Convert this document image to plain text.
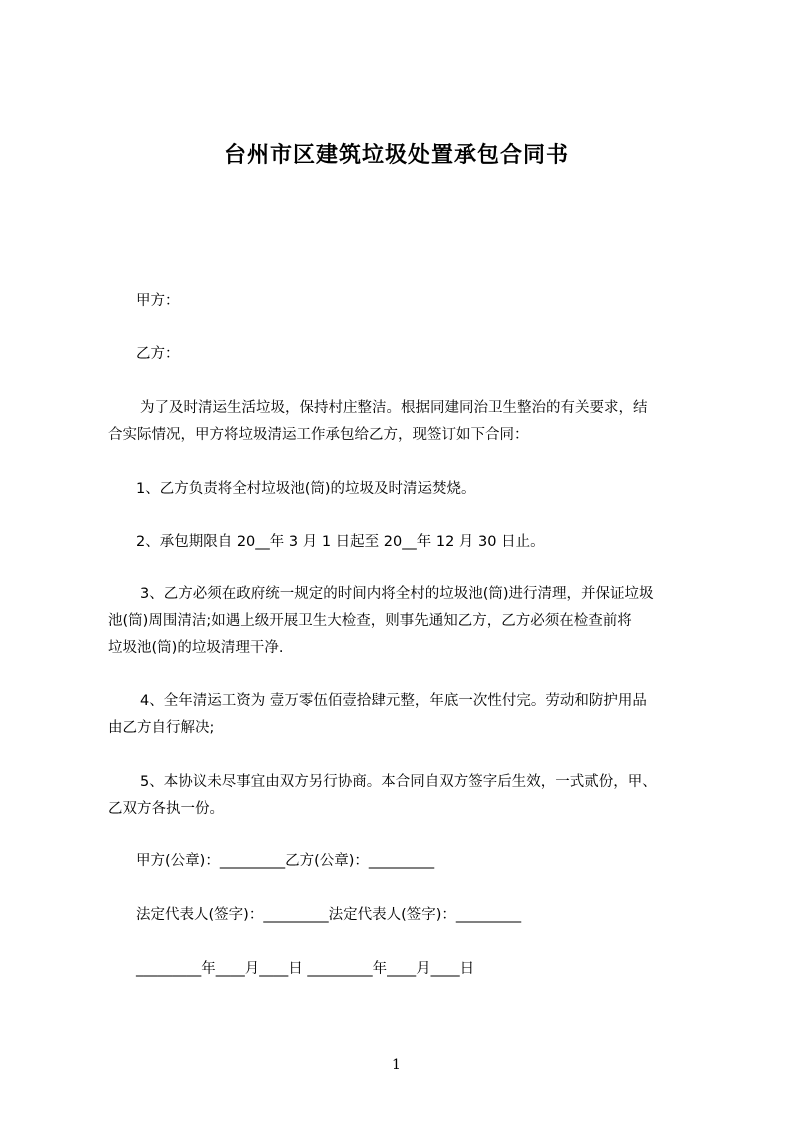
台州市区建筑垃圾处置承包合同书
甲方：
乙方：
为了及时清运生活垃圾，保持村庄整洁。根据同建同治卫生整治的有关要求，结
合实际情况，甲方将垃圾清运工作承包给乙方，现签订如下合同：
1、乙方负责将全村垃圾池(筒)的垃圾及时清运焚烧。
2、承包期限自 20__年 3 月 1 日起至 20__年 12 月 30 日止。
3、乙方必须在政府统一规定的时间内将全村的垃圾池(筒)进行清理，并保证垃圾
池(筒)周围清洁;如遇上级开展卫生大检查，则事先通知乙方，乙方必须在检查前将
垃圾池(筒)的垃圾清理干净.
4、全年清运工资为 壹万零伍佰壹拾肆元整，年底一次性付完。劳动和防护用品
由乙方自行解决;
5、本协议未尽事宜由双方另行协商。本合同自双方签字后生效，一式贰份，甲、
乙双方各执一份。
甲方(公章)：_________乙方(公章)：_________
法定代表人(签字)：_________法定代表人(签字)：_________
_________年____月____日 _________年____月____日
1
